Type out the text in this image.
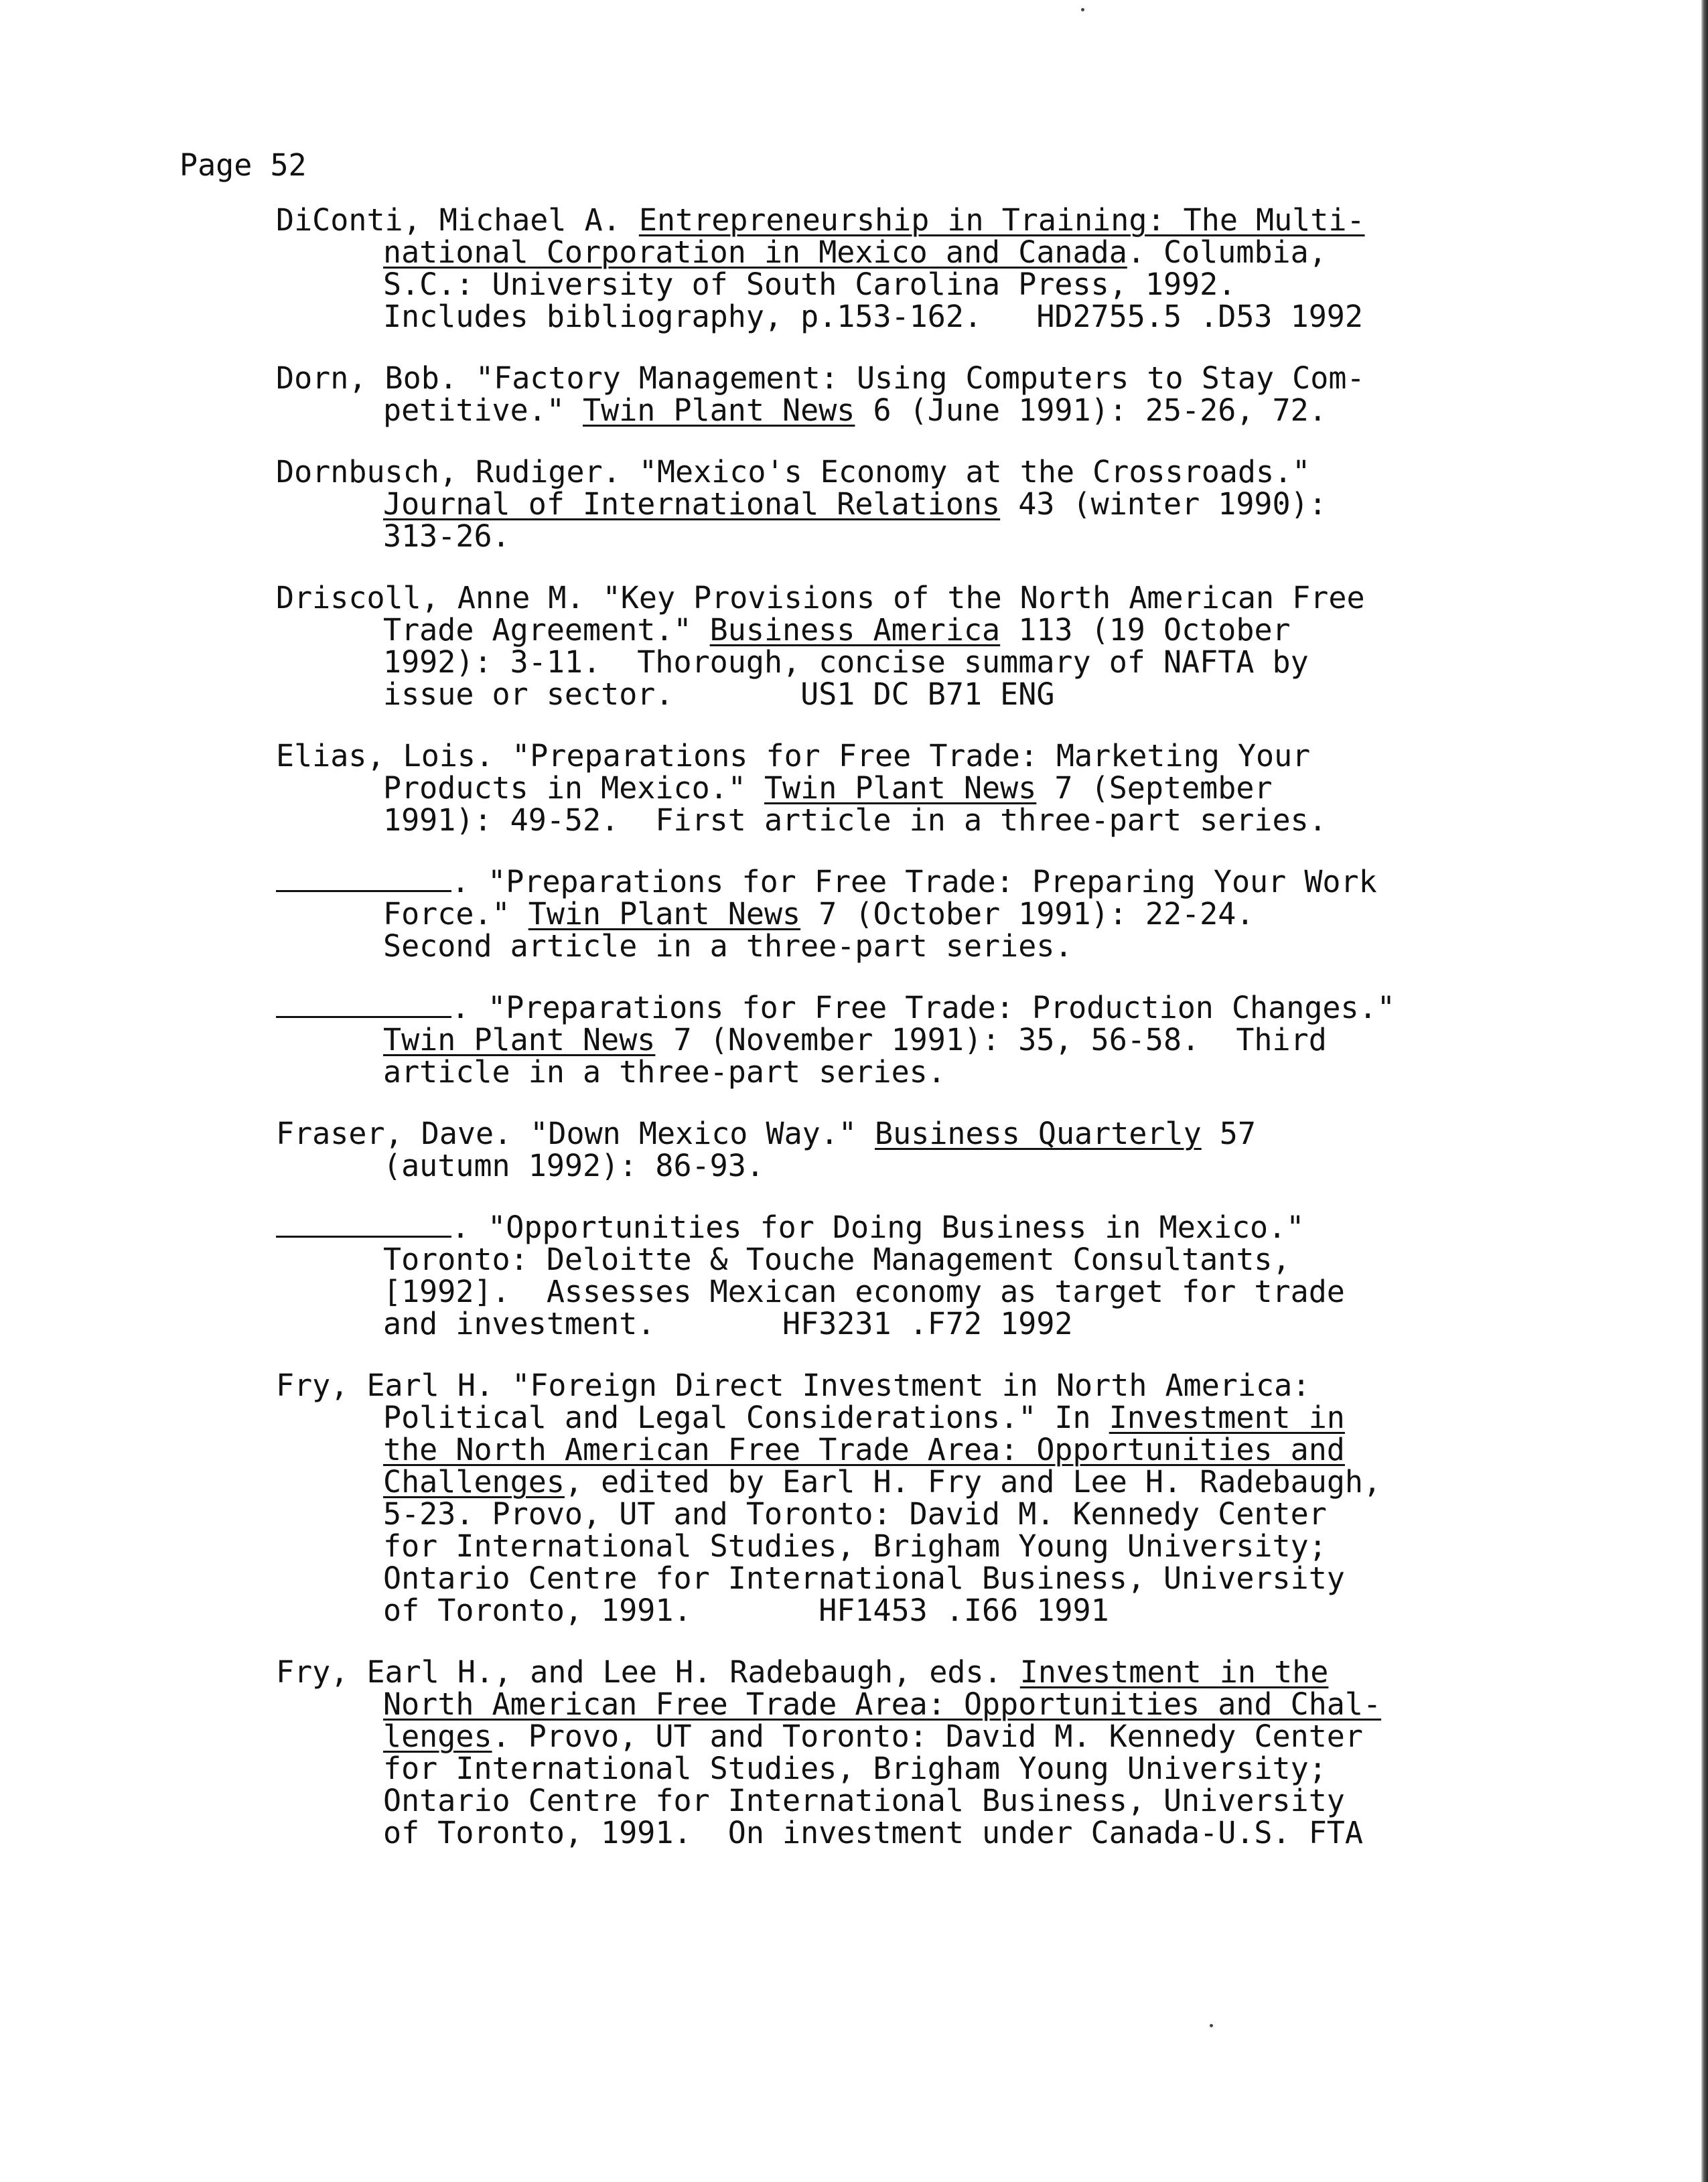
Page 52
DiConti, Michael A. Entrepreneurship in Training: The Multi-
national Corporation in Mexico and Canada. Columbia,
S.C.: University of South Carolina Press, 1992.
Includes bibliography, p.153-162.   HD2755.5 .D53 1992
Dorn, Bob. "Factory Management: Using Computers to Stay Com-
petitive." Twin Plant News 6 (June 1991): 25-26, 72.
Dornbusch, Rudiger. "Mexico's Economy at the Crossroads."
Journal of International Relations 43 (winter 1990):
313-26.
Driscoll, Anne M. "Key Provisions of the North American Free
Trade Agreement." Business America 113 (19 October
1992): 3-11.  Thorough, concise summary of NAFTA by
issue or sector.       US1 DC B71 ENG
Elias, Lois. "Preparations for Free Trade: Marketing Your
Products in Mexico." Twin Plant News 7 (September
1991): 49-52.  First article in a three-part series.
. "Preparations for Free Trade: Preparing Your Work
Force." Twin Plant News 7 (October 1991): 22-24.
Second article in a three-part series.
. "Preparations for Free Trade: Production Changes."
Twin Plant News 7 (November 1991): 35, 56-58.  Third
article in a three-part series.
Fraser, Dave. "Down Mexico Way." Business Quarterly 57
(autumn 1992): 86-93.
. "Opportunities for Doing Business in Mexico."
Toronto: Deloitte & Touche Management Consultants,
[1992].  Assesses Mexican economy as target for trade
and investment.       HF3231 .F72 1992
Fry, Earl H. "Foreign Direct Investment in North America:
Political and Legal Considerations." In Investment in
the North American Free Trade Area: Opportunities and
Challenges, edited by Earl H. Fry and Lee H. Radebaugh,
5-23. Provo, UT and Toronto: David M. Kennedy Center
for International Studies, Brigham Young University;
Ontario Centre for International Business, University
of Toronto, 1991.       HF1453 .I66 1991
Fry, Earl H., and Lee H. Radebaugh, eds. Investment in the
North American Free Trade Area: Opportunities and Chal-
lenges. Provo, UT and Toronto: David M. Kennedy Center
for International Studies, Brigham Young University;
Ontario Centre for International Business, University
of Toronto, 1991.  On investment under Canada-U.S. FTA
